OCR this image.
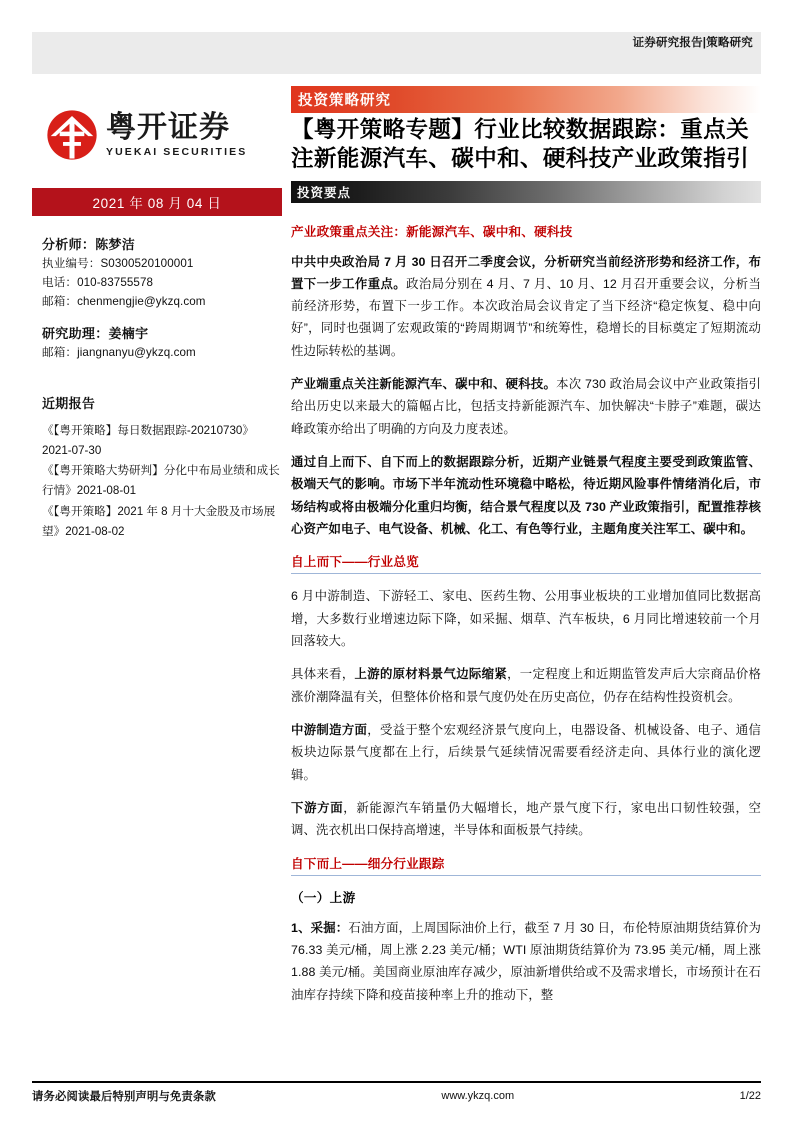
证券研究报告|策略研究
粤开证券
YUEKAI SECURITIES
2021 年 08 月 04 日
分析师：陈梦洁
执业编号：S0300520100001
电话：010-83755578
邮箱：chenmengjie@ykzq.com
研究助理：姜楠宇
邮箱：jiangnanyu@ykzq.com
近期报告
《【粤开策略】每日数据跟踪-20210730》2021-07-30
《【粤开策略大势研判】分化中布局业绩和成长行情》2021-08-01
《【粤开策略】2021 年 8 月十大金股及市场展望》2021-08-02
投资策略研究
【粤开策略专题】行业比较数据跟踪：重点关注新能源汽车、碳中和、硬科技产业政策指引
投资要点
产业政策重点关注：新能源汽车、碳中和、硬科技

中共中央政治局 7 月 30 日召开二季度会议，分析研究当前经济形势和经济工作，布置下一步工作重点。政治局分别在 4 月、7 月、10 月、12 月召开重要会议，分析当前经济形势，布置下一步工作。本次政治局会议肯定了当下经济“稳定恢复、稳中向好”，同时也强调了宏观政策的“跨周期调节”和统筹性，稳增长的目标奠定了短期流动性边际转松的基调。

产业端重点关注新能源汽车、碳中和、硬科技。本次 730 政治局会议中产业政策指引给出历史以来最大的篇幅占比，包括支持新能源汽车、加快解决“卡脖子”难题，碳达峰政策亦给出了明确的方向及力度表述。

通过自上而下、自下而上的数据跟踪分析，近期产业链景气程度主要受到政策监管、极端天气的影响。市场下半年流动性环境稳中略松，待近期风险事件情绪消化后，市场结构或将由极端分化重归均衡，结合景气程度以及 730 产业政策指引，配置推荐核心资产如电子、电气设备、机械、化工、有色等行业，主题角度关注军工、碳中和。

自上而下——行业总览

6 月中游制造、下游轻工、家电、医药生物、公用事业板块的工业增加值同比数据高增，大多数行业增速边际下降，如采掘、烟草、汽车板块，6 月同比增速较前一个月回落较大。

具体来看，上游的原材料景气边际缩紧，一定程度上和近期监管发声后大宗商品价格涨价潮降温有关，但整体价格和景气度仍处在历史高位，仍存在结构性投资机会。

中游制造方面，受益于整个宏观经济景气度向上，电器设备、机械设备、电子、通信板块边际景气度都在上行，后续景气延续情况需要看经济走向、具体行业的演化逻辑。

下游方面，新能源汽车销量仍大幅增长，地产景气度下行，家电出口韧性较强，空调、洗衣机出口保持高增速，半导体和面板景气持续。

自下而上——细分行业跟踪
（一）上游

1、采掘：石油方面，上周国际油价上行，截至 7 月 30 日，布伦特原油期货结算价为 76.33 美元/桶，周上涨 2.23 美元/桶；WTI 原油期货结算价为 73.95 美元/桶，周上涨 1.88 美元/桶。美国商业原油库存减少，原油新增供给或不及需求增长，市场预计在石油库存持续下降和疫苗接种率上升的推动下，整

请务必阅读最后特别声明与免责条款	www.ykzq.com	1/22
